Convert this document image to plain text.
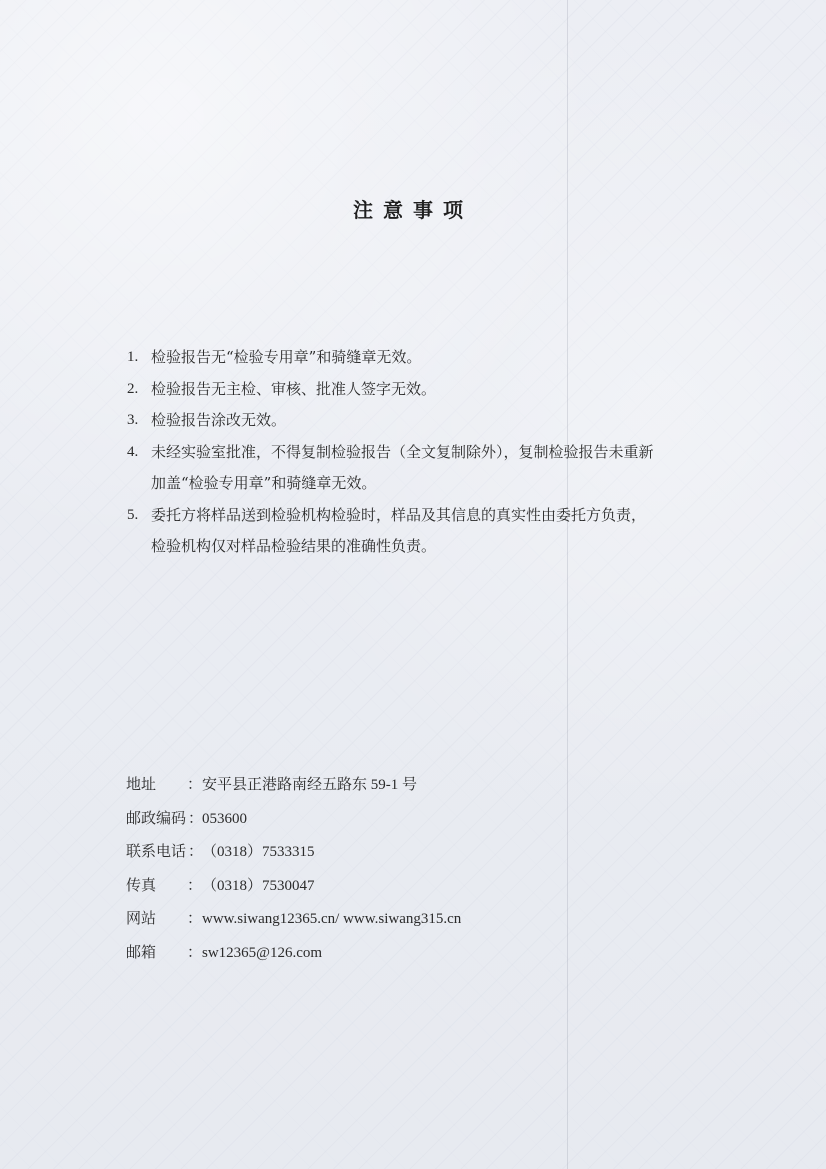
注意事项
1. 检验报告无“检验专用章”和骑缝章无效。
2. 检验报告无主检、审核、批准人签字无效。
3. 检验报告涂改无效。
4. 未经实验室批准，不得复制检验报告（全文复制除外），复制检验报告未重新
加盖“检验专用章”和骑缝章无效。
5. 委托方将样品送到检验机构检验时，样品及其信息的真实性由委托方负责，
检验机构仅对样品检验结果的准确性负责。
地址 ： 安平县正港路南经五路东 59-1 号
邮政编码 ：
053600
联系电话 ：
（0318）7533315
传真 ： （0318）7530047
网站 ： www.siwang12365.cn/ www.siwang315.cn
邮箱 ： sw12365@126.com
